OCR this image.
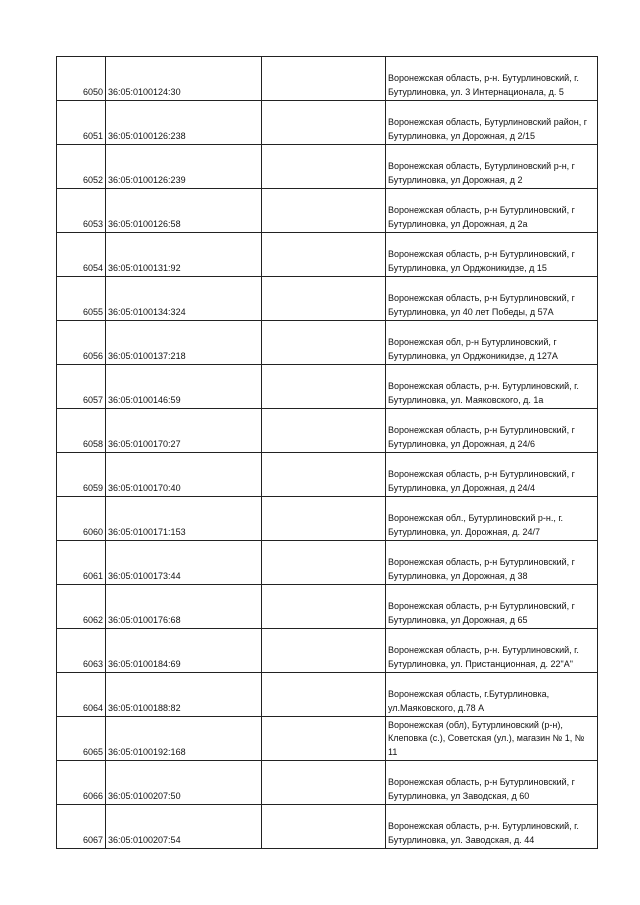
6050	36:05:0100124:30		Воронежская область, р-н. Бутурлиновский, г. Бутурлиновка, ул. 3 Интернационала, д. 5
6051	36:05:0100126:238		Воронежская область, Бутурлиновский район, г Бутурлиновка, ул Дорожная, д 2/15
6052	36:05:0100126:239		Воронежская область, Бутурлиновский р-н, г Бутурлиновка, ул Дорожная, д 2
6053	36:05:0100126:58		Воронежская область, р-н Бутурлиновский, г Бутурлиновка, ул Дорожная, д 2а
6054	36:05:0100131:92		Воронежская область, р-н Бутурлиновский, г Бутурлиновка, ул Орджоникидзе, д 15
6055	36:05:0100134:324		Воронежская область, р-н Бутурлиновский, г Бутурлиновка, ул 40 лет Победы, д 57А
6056	36:05:0100137:218		Воронежская обл, р-н Бутурлиновский, г Бутурлиновка, ул Орджоникидзе, д 127А
6057	36:05:0100146:59		Воронежская область, р-н. Бутурлиновский, г. Бутурлиновка, ул. Маяковского, д. 1а
6058	36:05:0100170:27		Воронежская область, р-н Бутурлиновский, г Бутурлиновка, ул Дорожная, д 24/6
6059	36:05:0100170:40		Воронежская область, р-н Бутурлиновский, г Бутурлиновка, ул Дорожная, д 24/4
6060	36:05:0100171:153		Воронежская обл., Бутурлиновский р-н., г. Бутурлиновка, ул. Дорожная, д. 24/7
6061	36:05:0100173:44		Воронежская область, р-н Бутурлиновский, г Бутурлиновка, ул Дорожная, д 38
6062	36:05:0100176:68		Воронежская область, р-н Бутурлиновский, г Бутурлиновка, ул Дорожная, д 65
6063	36:05:0100184:69		Воронежская область, р-н. Бутурлиновский, г. Бутурлиновка, ул. Пристанционная, д. 22"А"
6064	36:05:0100188:82		Воронежская область, г.Бутурлиновка, ул.Маяковского, д.78 А
6065	36:05:0100192:168		Воронежская (обл), Бутурлиновский (р-н), Клеповка (с.), Советская (ул.), магазин № 1, № 11
6066	36:05:0100207:50		Воронежская область, р-н Бутурлиновский, г Бутурлиновка, ул Заводская, д 60
6067	36:05:0100207:54		Воронежская область, р-н. Бутурлиновский, г. Бутурлиновка, ул. Заводская, д. 44
